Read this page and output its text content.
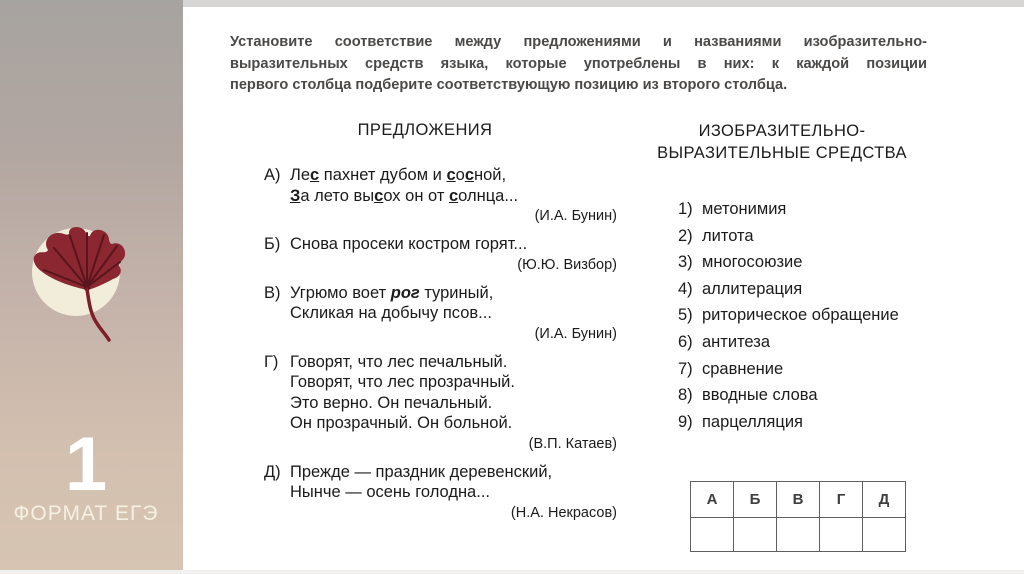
1
ФОРМАТ ЕГЭ
Установите соответствие между предложениями и названиями изобразительно-
выразительных средств языка, которые употреблены в них: к каждой позиции
первого столбца подберите соответствующую позицию из второго столбца.
ПРЕДЛОЖЕНИЯ	ИЗОБРАЗИТЕЛЬНО-
ВЫРАЗИТЕЛЬНЫЕ СРЕДСТВА
А) Лес пахнет дубом и сосной,
За лето высох он от солнца...
(И.А. Бунин)
Б) Снова просеки костром горят...
(Ю.Ю. Визбор)
В) Угрюмо воет рог туриный,
Скликая на добычу псов...
(И.А. Бунин)
Г) Говорят, что лес печальный.
Говорят, что лес прозрачный.
Это верно. Он печальный.
Он прозрачный. Он больной.
(В.П. Катаев)
Д) Прежде — праздник деревенский,
Нынче — осень голодна...
(Н.А. Некрасов)
1) метонимия
2) литота
3) многосоюзие
4) аллитерация
5) риторическое обращение
6) антитеза
7) сравнение
8) вводные слова
9) парцелляция
А	Б	В	Г	Д
